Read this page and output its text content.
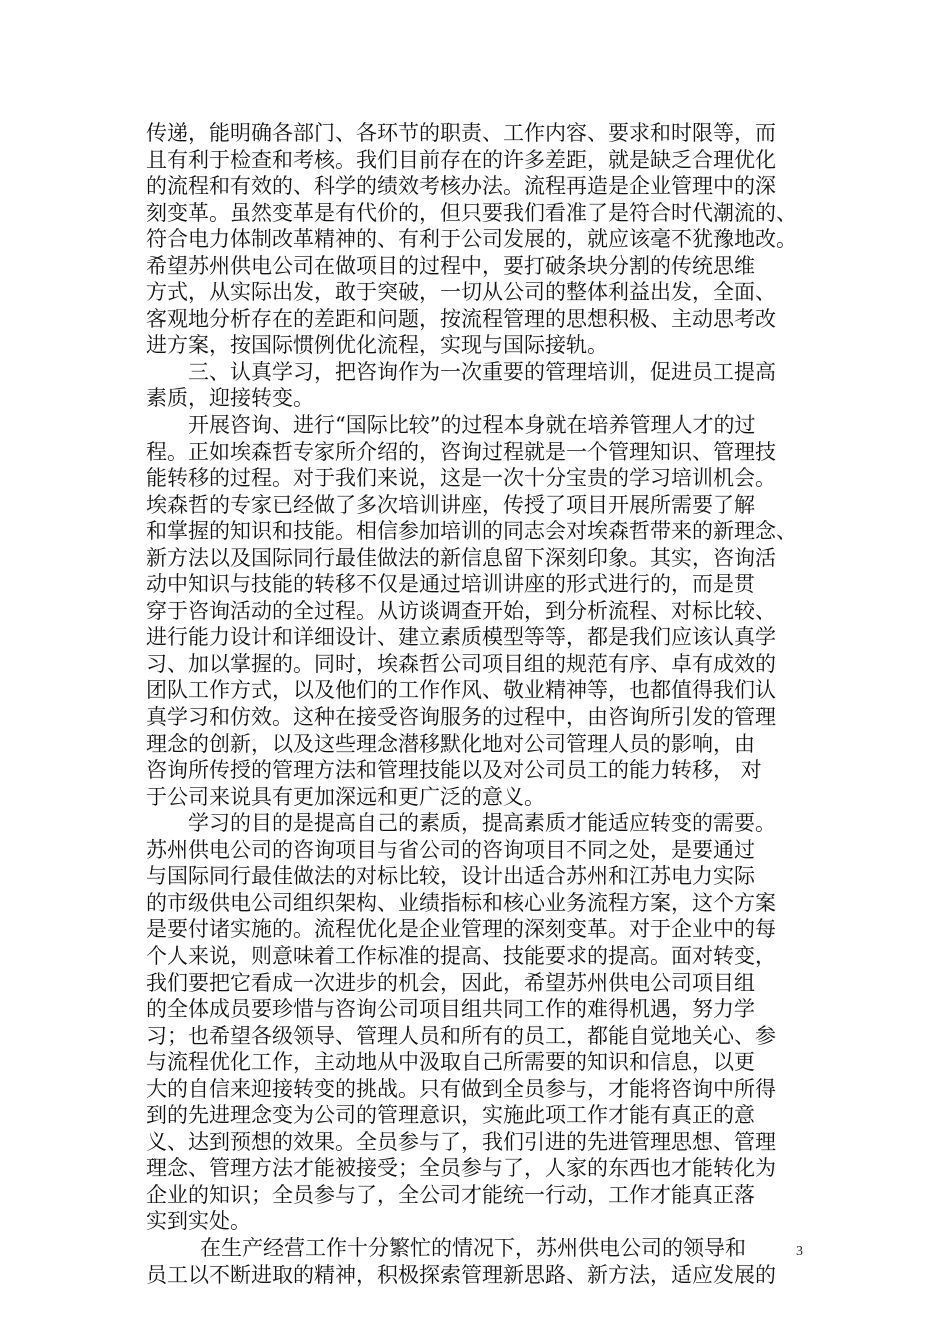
传递，能明确各部门、各环节的职责、工作内容、要求和时限等，而
且有利于检查和考核。我们目前存在的许多差距，就是缺乏合理优化
的流程和有效的、科学的绩效考核办法。流程再造是企业管理中的深
刻变革。虽然变革是有代价的，但只要我们看准了是符合时代潮流的、
符合电力体制改革精神的、有利于公司发展的，就应该毫不犹豫地改。
希望苏州供电公司在做项目的过程中，要打破条块分割的传统思维
方式，从实际出发，敢于突破，一切从公司的整体利益出发，全面、
客观地分析存在的差距和问题，按流程管理的思想积极、主动思考改
进方案，按国际惯例优化流程，实现与国际接轨。
三、认真学习，把咨询作为一次重要的管理培训，促进员工提高
素质，迎接转变。
开展咨询、进行“国际比较”的过程本身就在培养管理人才的过
程。正如埃森哲专家所介绍的，咨询过程就是一个管理知识、管理技
能转移的过程。对于我们来说，这是一次十分宝贵的学习培训机会。
埃森哲的专家已经做了多次培训讲座，传授了项目开展所需要了解
和掌握的知识和技能。相信参加培训的同志会对埃森哲带来的新理念、
新方法以及国际同行最佳做法的新信息留下深刻印象。其实，咨询活
动中知识与技能的转移不仅是通过培训讲座的形式进行的，而是贯
穿于咨询活动的全过程。从访谈调查开始，到分析流程、对标比较、
进行能力设计和详细设计、建立素质模型等等，都是我们应该认真学
习、加以掌握的。同时，埃森哲公司项目组的规范有序、卓有成效的
团队工作方式，以及他们的工作作风、敬业精神等，也都值得我们认
真学习和仿效。这种在接受咨询服务的过程中，由咨询所引发的管理
理念的创新，以及这些理念潜移默化地对公司管理人员的影响，由
咨询所传授的管理方法和管理技能以及对公司员工的能力转移， 对
于公司来说具有更加深远和更广泛的意义。
学习的目的是提高自己的素质，提高素质才能适应转变的需要。
苏州供电公司的咨询项目与省公司的咨询项目不同之处，是要通过
与国际同行最佳做法的对标比较，设计出适合苏州和江苏电力实际
的市级供电公司组织架构、业绩指标和核心业务流程方案，这个方案
是要付诸实施的。流程优化是企业管理的深刻变革。对于企业中的每
个人来说，则意味着工作标准的提高、技能要求的提高。面对转变，
我们要把它看成一次进步的机会，因此，希望苏州供电公司项目组
的全体成员要珍惜与咨询公司项目组共同工作的难得机遇，努力学
习；也希望各级领导、管理人员和所有的员工，都能自觉地关心、参
与流程优化工作，主动地从中汲取自己所需要的知识和信息，以更
大的自信来迎接转变的挑战。只有做到全员参与，才能将咨询中所得
到的先进理念变为公司的管理意识，实施此项工作才能有真正的意
义、达到预想的效果。全员参与了，我们引进的先进管理思想、管理
理念、管理方法才能被接受；全员参与了，人家的东西也才能转化为
企业的知识；全员参与了，全公司才能统一行动，工作才能真正落
实到实处。
在生产经营工作十分繁忙的情况下，苏州供电公司的领导和
员工以不断进取的精神，积极探索管理新思路、新方法，适应发展的
3
